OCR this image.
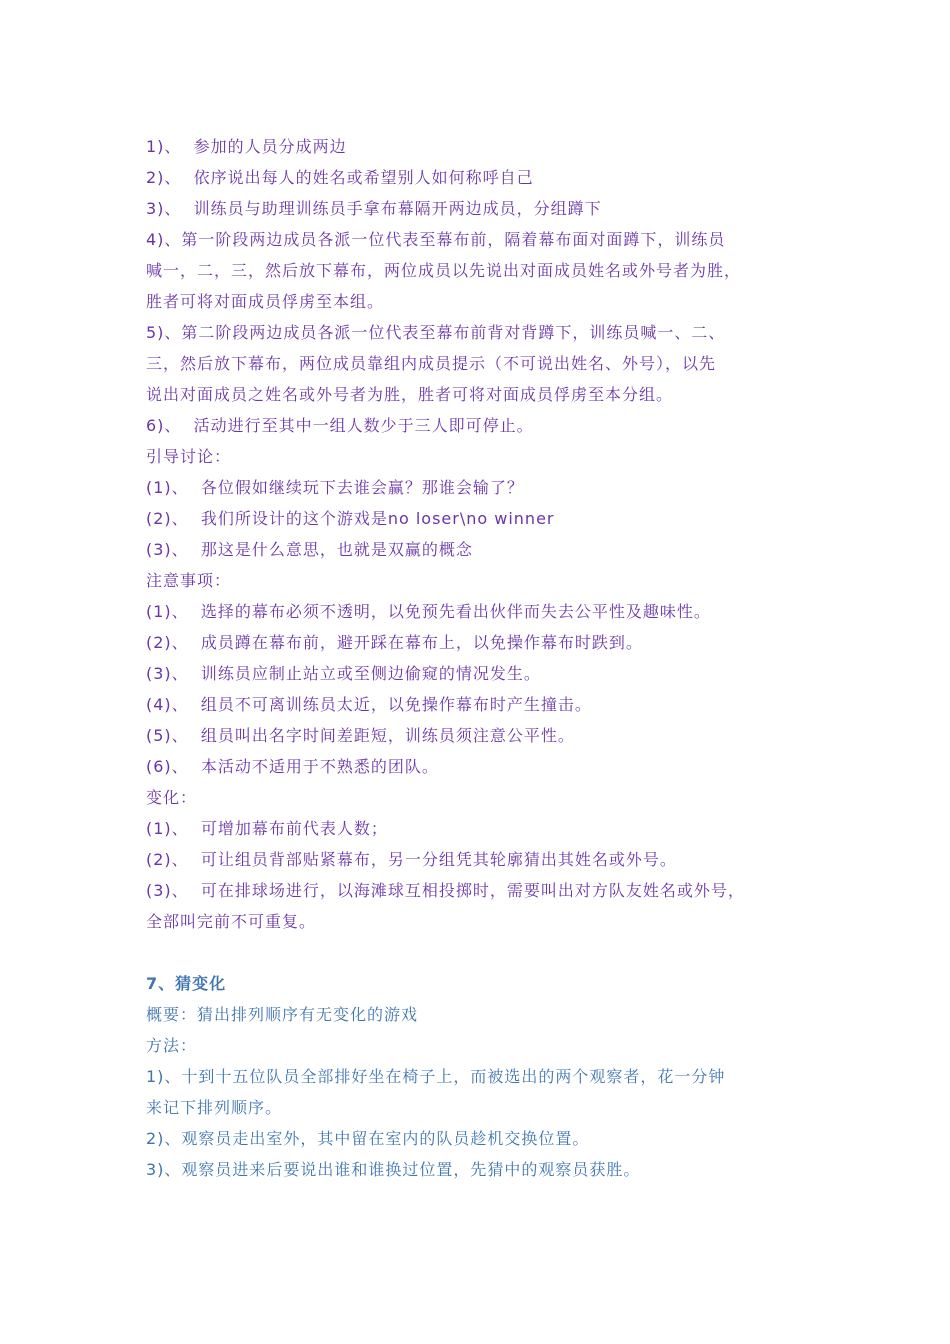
1)、  参加的人员分成两边

2)、  依序说出每人的姓名或希望别人如何称呼自己

3)、  训练员与助理训练员手拿布幕隔开两边成员，分组蹲下

4)、第一阶段两边成员各派一位代表至幕布前，隔着幕布面对面蹲下，训练员

喊一，二，三，然后放下幕布，两位成员以先说出对面成员姓名或外号者为胜，

胜者可将对面成员俘虏至本组。

5)、第二阶段两边成员各派一位代表至幕布前背对背蹲下，训练员喊一、二、

三，然后放下幕布，两位成员靠组内成员提示（不可说出姓名、外号），以先

说出对面成员之姓名或外号者为胜，胜者可将对面成员俘虏至本分组。

6)、  活动进行至其中一组人数少于三人即可停止。

引导讨论：

(1)、  各位假如继续玩下去谁会赢？那谁会输了？

(2)、  我们所设计的这个游戏是no loser\no winner

(3)、  那这是什么意思，也就是双赢的概念

注意事项：

(1)、  选择的幕布必须不透明，以免预先看出伙伴而失去公平性及趣味性。

(2)、  成员蹲在幕布前，避开踩在幕布上，以免操作幕布时跌到。

(3)、  训练员应制止站立或至侧边偷窥的情况发生。

(4)、  组员不可离训练员太近，以免操作幕布时产生撞击。

(5)、  组员叫出名字时间差距短，训练员须注意公平性。

(6)、  本活动不适用于不熟悉的团队。

变化：

(1)、  可增加幕布前代表人数；

(2)、  可让组员背部贴紧幕布，另一分组凭其轮廓猜出其姓名或外号。

(3)、  可在排球场进行，以海滩球互相投掷时，需要叫出对方队友姓名或外号，

全部叫完前不可重复。

7、猜变化

概要：猜出排列顺序有无变化的游戏

方法：

1)、十到十五位队员全部排好坐在椅子上，而被选出的两个观察者，花一分钟

来记下排列顺序。

2)、观察员走出室外，其中留在室内的队员趁机交换位置。

3)、观察员进来后要说出谁和谁换过位置，先猜中的观察员获胜。
